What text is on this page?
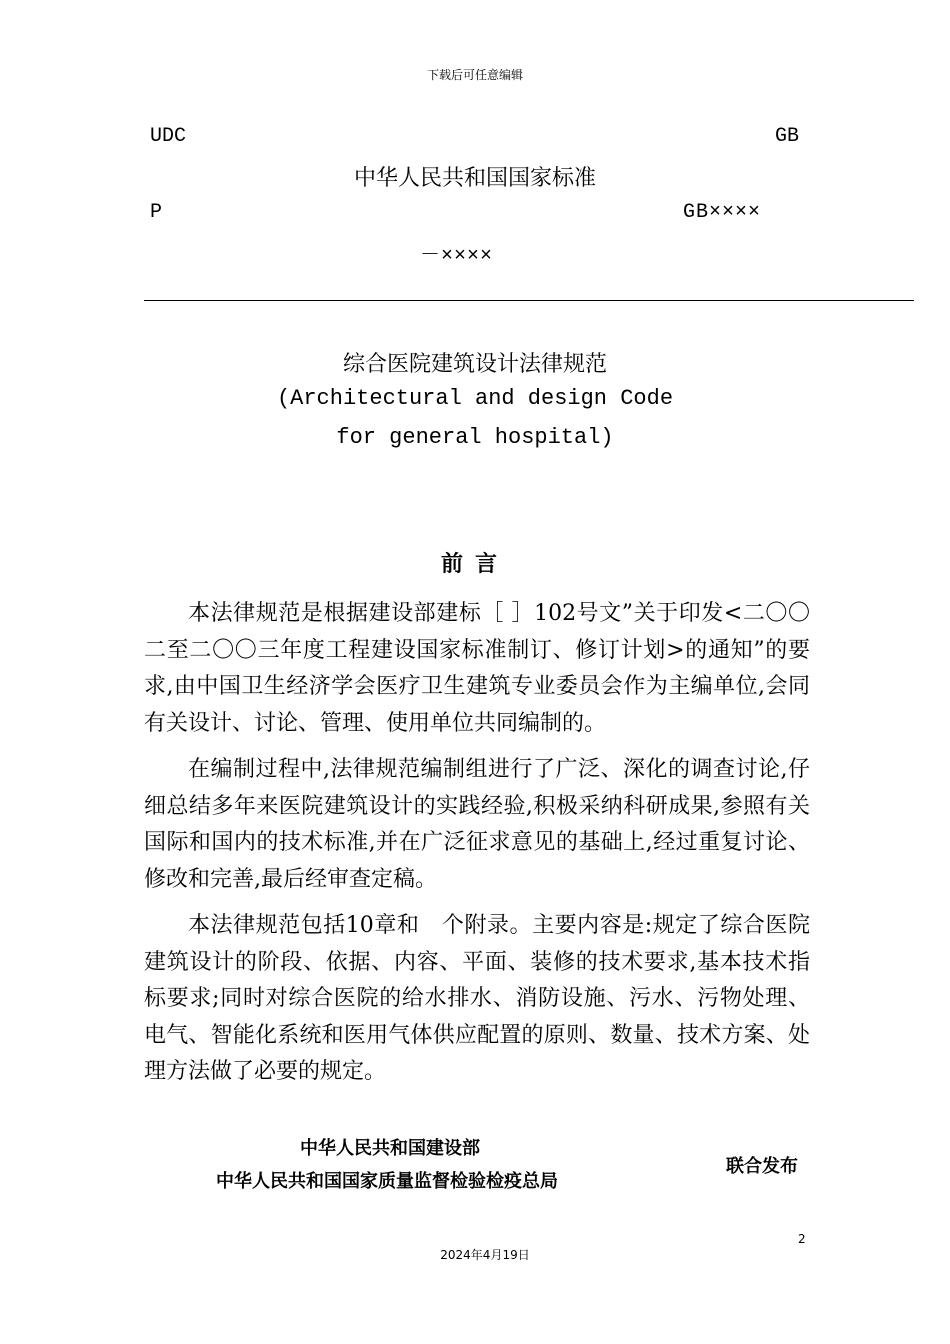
下载后可任意编辑
UDC	GB
中华人民共和国国家标准
P	GB××××
－××××
综合医院建筑设计法律规范
(Architectural and design Code
for general hospital)
前言

本法律规范是根据建设部建标［ ］102号文”关于印发<二〇〇二至二〇〇三年度工程建设国家标准制订、修订计划>的通知”的要求,由中国卫生经济学会医疗卫生建筑专业委员会作为主编单位,会同有关设计、讨论、管理、使用单位共同编制的。

在编制过程中,法律规范编制组进行了广泛、深化的调查讨论,仔细总结多年来医院建筑设计的实践经验,积极采纳科研成果,参照有关国际和国内的技术标准,并在广泛征求意见的基础上,经过重复讨论、修改和完善,最后经审查定稿。

本法律规范包括10章和　个附录。主要内容是:规定了综合医院建筑设计的阶段、依据、内容、平面、装修的技术要求,基本技术指标要求;同时对综合医院的给水排水、消防设施、污水、污物处理、电气、智能化系统和医用气体供应配置的原则、数量、技术方案、处理方法做了必要的规定。

中华人民共和国建设部
中华人民共和国国家质量监督检验检疫总局
联合发布
2
2024年4月19日
